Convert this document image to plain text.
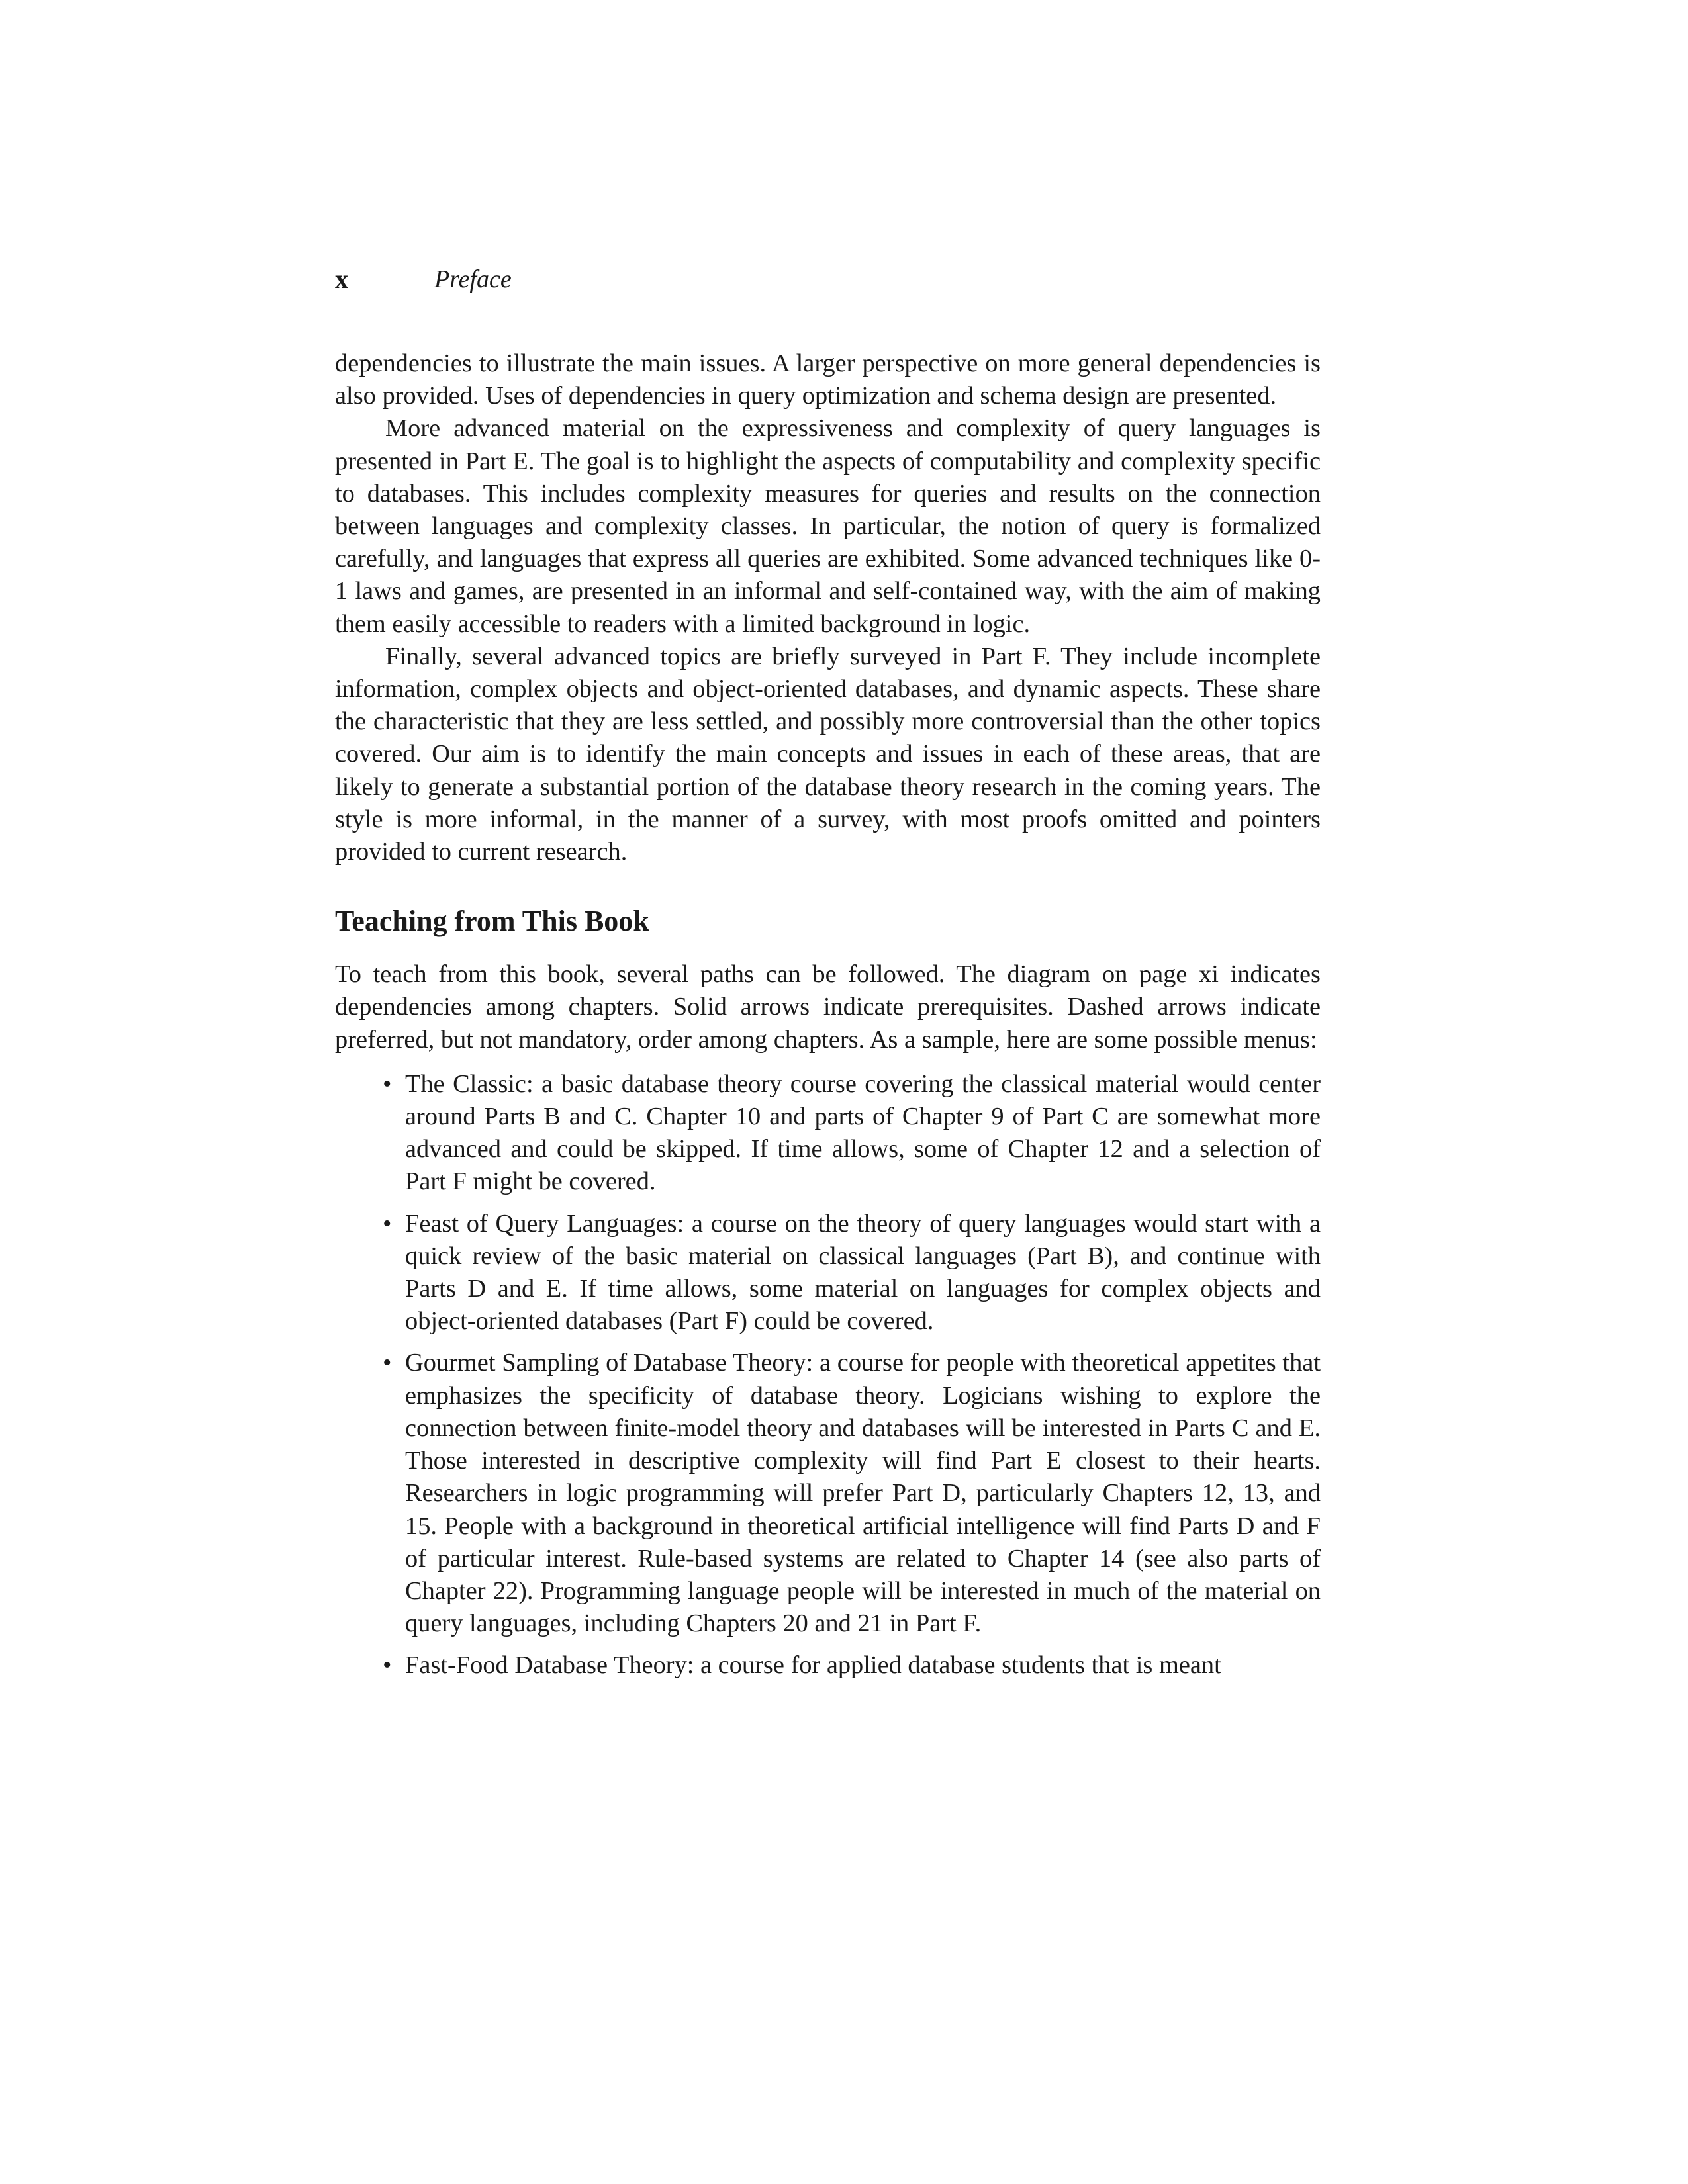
x	Preface

dependencies to illustrate the main issues. A larger perspective on more general dependencies is also provided. Uses of dependencies in query optimization and schema design are presented.

More advanced material on the expressiveness and complexity of query languages is presented in Part E. The goal is to highlight the aspects of computability and complexity specific to databases. This includes complexity measures for queries and results on the connection between languages and complexity classes. In particular, the notion of query is formalized carefully, and languages that express all queries are exhibited. Some advanced techniques like 0-1 laws and games, are presented in an informal and self-contained way, with the aim of making them easily accessible to readers with a limited background in logic.

Finally, several advanced topics are briefly surveyed in Part F. They include incomplete information, complex objects and object-oriented databases, and dynamic aspects. These share the characteristic that they are less settled, and possibly more controversial than the other topics covered. Our aim is to identify the main concepts and issues in each of these areas, that are likely to generate a substantial portion of the database theory research in the coming years. The style is more informal, in the manner of a survey, with most proofs omitted and pointers provided to current research.

Teaching from This Book

To teach from this book, several paths can be followed. The diagram on page xi indicates dependencies among chapters. Solid arrows indicate prerequisites. Dashed arrows indicate preferred, but not mandatory, order among chapters. As a sample, here are some possible menus:

• The Classic: a basic database theory course covering the classical material would center around Parts B and C. Chapter 10 and parts of Chapter 9 of Part C are somewhat more advanced and could be skipped. If time allows, some of Chapter 12 and a selection of Part F might be covered.
• Feast of Query Languages: a course on the theory of query languages would start with a quick review of the basic material on classical languages (Part B), and continue with Parts D and E. If time allows, some material on languages for complex objects and object-oriented databases (Part F) could be covered.
• Gourmet Sampling of Database Theory: a course for people with theoretical appetites that emphasizes the specificity of database theory. Logicians wishing to explore the connection between finite-model theory and databases will be interested in Parts C and E. Those interested in descriptive complexity will find Part E closest to their hearts. Researchers in logic programming will prefer Part D, particularly Chapters 12, 13, and 15. People with a background in theoretical artificial intelligence will find Parts D and F of particular interest. Rule-based systems are related to Chapter 14 (see also parts of Chapter 22). Programming language people will be interested in much of the material on query languages, including Chapters 20 and 21 in Part F.
• Fast-Food Database Theory: a course for applied database students that is meant
